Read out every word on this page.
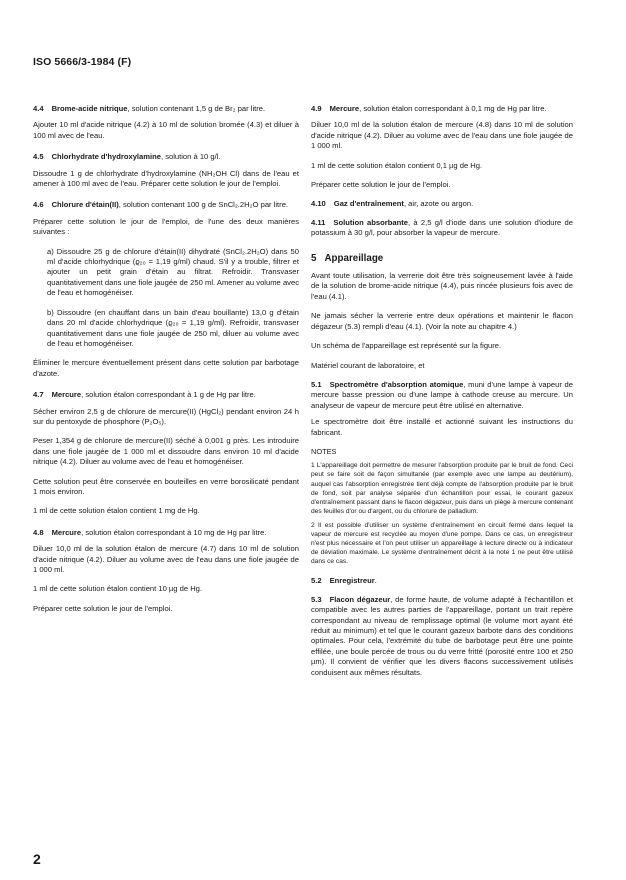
ISO 5666/3-1984 (F)

4.4 Brome-acide nitrique, solution contenant 1,5 g de Br₂ par litre.

Ajouter 10 ml d'acide nitrique (4.2) à 10 ml de solution bromée (4.3) et diluer à 100 ml avec de l'eau.

4.5 Chlorhydrate d'hydroxylamine, solution à 10 g/l.

Dissoudre 1 g de chlorhydrate d'hydroxylamine (NH₂OH Cl) dans de l'eau et amener à 100 ml avec de l'eau. Préparer cette solution le jour de l'emploi.

4.6 Chlorure d'étain(II), solution contenant 100 g de SnCl₂.2H₂O par litre.

Préparer cette solution le jour de l'emploi, de l'une des deux manières suivantes :

a) Dissoudre 25 g de chlorure d'étain(II) dihydraté (SnCl₂.2H₂O) dans 50 ml d'acide chlorhydrique (ϱ₂₀ = 1,19 g/ml) chaud. S'il y a trouble, filtrer et ajouter un petit grain d'étain au filtrat. Refroidir. Transvaser quantitativement dans une fiole jaugée de 250 ml. Amener au volume avec de l'eau et homogénéiser.

b) Dissoudre (en chauffant dans un bain d'eau bouillante) 13,0 g d'étain dans 20 ml d'acide chlorhydrique (ϱ₂₀ = 1,19 g/ml). Refroidir, transvaser quantitativement dans une fiole jaugée de 250 ml, diluer au volume avec de l'eau et homogénéiser.

Éliminer le mercure éventuellement présent dans cette solution par barbotage d'azote.

4.7 Mercure, solution étalon correspondant à 1 g de Hg par litre.

Sécher environ 2,5 g de chlorure de mercure(II) (HgCl₂) pendant environ 24 h sur du pentoxyde de phosphore (P₂O₅).

Peser 1,354 g de chlorure de mercure(II) séché à 0,001 g près. Les introduire dans une fiole jaugée de 1 000 ml et dissoudre dans environ 10 ml d'acide nitrique (4.2). Diluer au volume avec de l'eau et homogénéiser.

Cette solution peut être conservée en bouteilles en verre borosilicaté pendant 1 mois environ.

1 ml de cette solution étalon contient 1 mg de Hg.

4.8 Mercure, solution étalon correspondant à 10 mg de Hg par litre.

Diluer 10,0 ml de la solution étalon de mercure (4.7) dans 10 ml de solution d'acide nitrique (4.2). Diluer au volume avec de l'eau dans une fiole jaugée de 1 000 ml.

1 ml de cette solution étalon contient 10 µg de Hg.

Préparer cette solution le jour de l'emploi.

4.9 Mercure, solution étalon correspondant à 0,1 mg de Hg par litre.

Diluer 10,0 ml de la solution étalon de mercure (4.8) dans 10 ml de solution d'acide nitrique (4.2). Diluer au volume avec de l'eau dans une fiole jaugée de 1 000 ml.

1 ml de cette solution étalon contient 0,1 µg de Hg.

Préparer cette solution le jour de l'emploi.

4.10 Gaz d'entraînement, air, azote ou argon.

4.11 Solution absorbante, à 2,5 g/l d'iode dans une solution d'iodure de potassium à 30 g/l, pour absorber la vapeur de mercure.

5 Appareillage

Avant toute utilisation, la verrerie doit être très soigneusement lavée à l'aide de la solution de brome-acide nitrique (4.4), puis rincée plusieurs fois avec de l'eau (4.1).

Ne jamais sécher la verrerie entre deux opérations et maintenir le flacon dégazeur (5.3) rempli d'eau (4.1). (Voir la note au chapitre 4.)

Un schéma de l'appareillage est représenté sur la figure.

Matériel courant de laboratoire, et

5.1 Spectromètre d'absorption atomique, muni d'une lampe à vapeur de mercure basse pression ou d'une lampe à cathode creuse au mercure. Un analyseur de vapeur de mercure peut être utilisé en alternative.

Le spectromètre doit être installé et actionné suivant les instructions du fabricant.

NOTES

1 L'appareillage doit permettre de mesurer l'absorption produite par le bruit de fond. Ceci peut se faire soit de façon simultanée (par exemple avec une lampe au deutérium), auquel cas l'absorption enregistrée tient déjà compte de l'absorption produite par le bruit de fond, soit par analyse séparée d'un échantillon pour essai, le courant gazeux d'entraînement passant dans le flacon dégazeur, puis dans un piège à mercure contenant des feuilles d'or ou d'argent, ou du chlorure de palladium.

2 Il est possible d'utiliser un système d'entraînement en circuit fermé dans lequel la vapeur de mercure est recyclée au moyen d'une pompe. Dans ce cas, un enregistreur n'est plus nécessaire et l'on peut utiliser un appareillage à lecture directe ou à indicateur de déviation maximale. Le système d'entraînement décrit à la note 1 ne peut être utilisé dans ce cas.

5.2 Enregistreur.

5.3 Flacon dégazeur, de forme haute, de volume adapté à l'échantillon et compatible avec les autres parties de l'appareillage, portant un trait repère correspondant au niveau de remplissage optimal (le volume mort ayant été réduit au minimum) et tel que le courant gazeux barbote dans des conditions optimales. Pour cela, l'extrémité du tube de barbotage peut être une pointe effilée, une boule percée de trous ou du verre fritté (porosité entre 100 et 250 µm). Il convient de vérifier que les divers flacons successivement utilisés conduisent aux mêmes résultats.

2
